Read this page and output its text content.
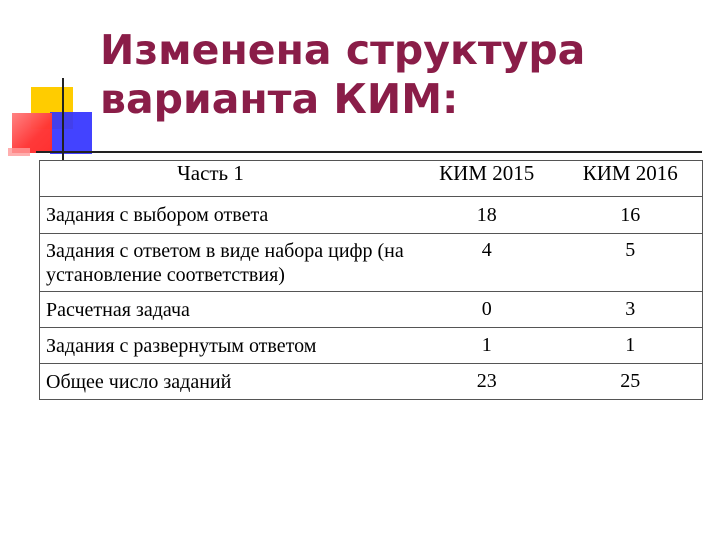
Изменена структура
варианта КИМ:
Часть 1	КИМ 2015	КИМ 2016
Задания с выбором ответа	18	16
Задания с ответом в виде набора цифр (на установление соответствия)	4	5
Расчетная задача	0	3
Задания с развернутым ответом	1	1
Общее число заданий	23	25
